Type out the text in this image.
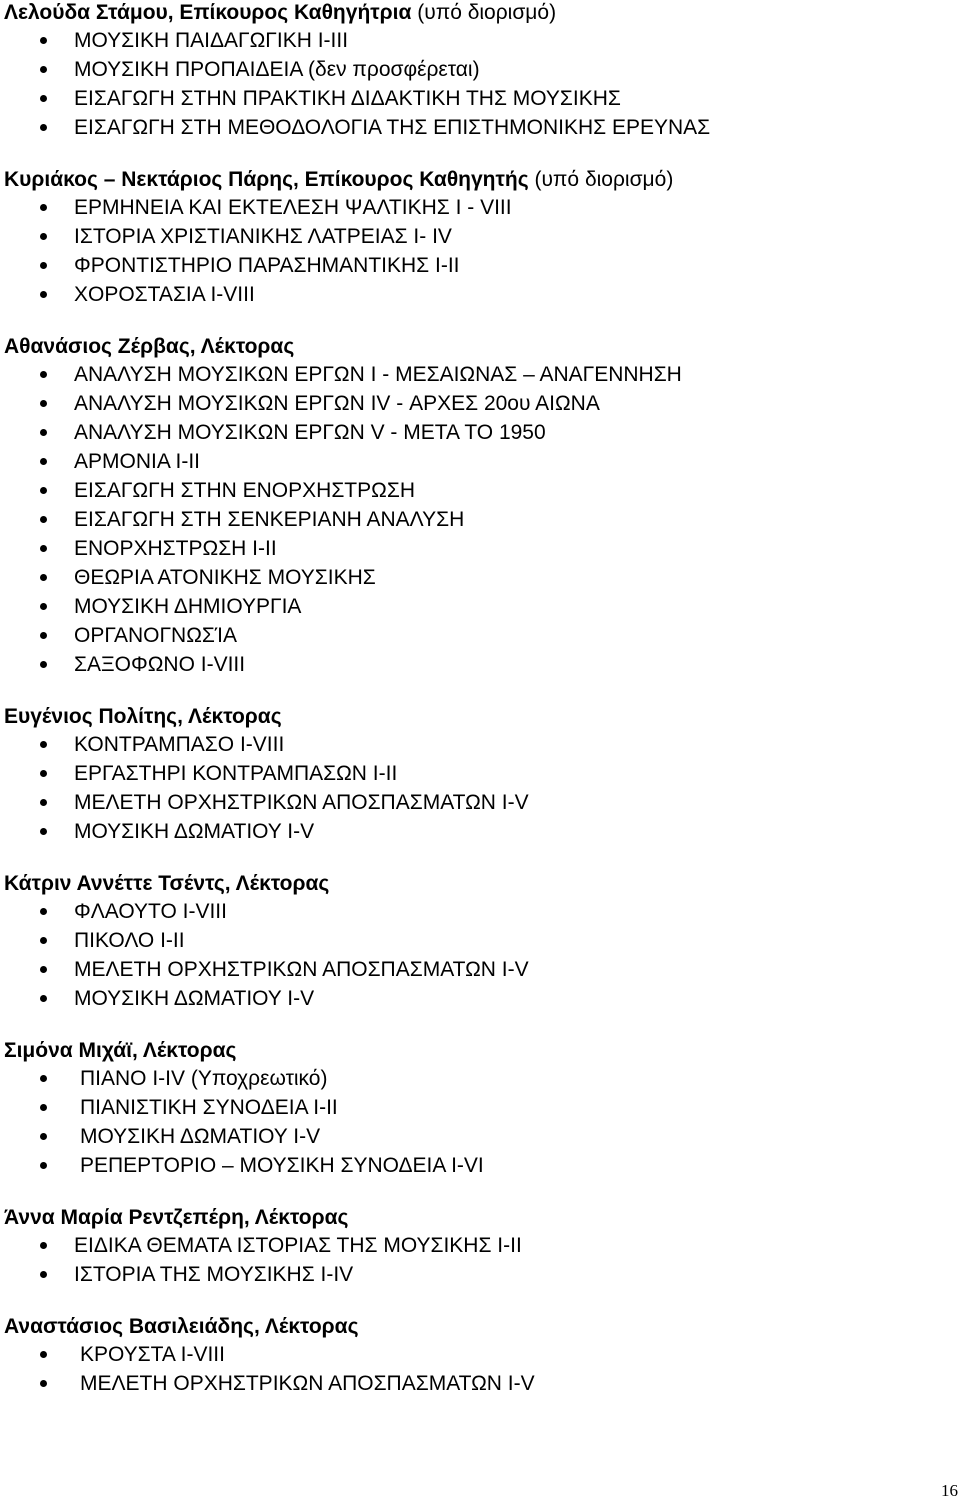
Λελούδα Στάμου, Επίκουρος Καθηγήτρια (υπό διορισμό)

ΜΟΥΣΙΚΗ ΠΑΙΔΑΓΩΓΙΚΗ I-III
ΜΟΥΣΙΚΗ ΠΡΟΠΑΙΔΕΙΑ (δεν προσφέρεται)
ΕΙΣΑΓΩΓΗ ΣΤΗΝ ΠΡΑΚΤΙΚΗ ΔΙΔΑΚΤΙΚΗ ΤΗΣ ΜΟΥΣΙΚΗΣ
ΕΙΣΑΓΩΓΗ ΣΤΗ ΜΕΘΟΔΟΛΟΓΙΑ ΤΗΣ ΕΠΙΣΤΗΜΟΝΙΚΗΣ ΕΡΕΥΝΑΣ

Κυριάκος – Νεκτάριος Πάρης, Επίκουρος Καθηγητής (υπό διορισμό)

ΕΡΜΗΝΕΙΑ ΚΑΙ ΕΚΤΕΛΕΣΗ ΨΑΛΤΙΚΗΣ Ι - VIII
ΙΣΤΟΡΙΑ ΧΡΙΣΤΙΑΝΙΚΗΣ ΛΑΤΡΕΙΑΣ Ι- ΙV
ΦΡΟΝΤΙΣΤΗΡΙΟ ΠΑΡΑΣΗΜΑΝΤΙΚΗΣ Ι-ΙΙ
ΧΟΡΟΣΤΑΣΙΑ Ι-VIII

Αθανάσιος Ζέρβας, Λέκτορας

ΑΝΑΛΥΣΗ ΜΟΥΣΙΚΩΝ ΕΡΓΩΝ I - ΜΕΣΑΙΩΝΑΣ – ΑΝΑΓΕΝΝΗΣΗ
ΑΝΑΛΥΣΗ ΜΟΥΣΙΚΩΝ ΕΡΓΩΝ IV - ΑΡΧΕΣ 20ου ΑΙΩΝΑ
ΑΝΑΛΥΣΗ ΜΟΥΣΙΚΩΝ ΕΡΓΩΝ V - ΜΕΤΑ ΤΟ 1950
ΑΡΜΟΝΙΑ I-II
ΕΙΣΑΓΩΓΗ ΣΤΗΝ ΕΝΟΡΧΗΣΤΡΩΣΗ
ΕΙΣΑΓΩΓΗ ΣΤΗ ΣΕΝΚΕΡΙΑΝΗ ΑΝΑΛΥΣΗ
ΕΝΟΡΧΗΣΤΡΩΣΗ I-II
ΘΕΩΡΙΑ ΑΤΟΝΙΚΗΣ ΜΟΥΣΙΚΗΣ
ΜΟΥΣΙΚΗ ΔΗΜΙΟΥΡΓΙΑ
ΟΡΓΑΝΟΓΝΩΣΊΑ
ΣΑΞΟΦΩΝΟ I-VIII

Ευγένιος Πολίτης, Λέκτορας

ΚΟΝΤΡΑΜΠΑΣΟ I-VIII
ΕΡΓΑΣΤΗΡΙ ΚΟΝΤΡΑΜΠΑΣΩΝ I-II
ΜΕΛΕΤΗ ΟΡΧΗΣΤΡΙΚΩΝ ΑΠΟΣΠΑΣΜΑΤΩΝ I-V
ΜΟΥΣΙΚΗ ΔΩΜΑΤΙΟΥ I-V

Κάτριν Αννέττε Τσέντς, Λέκτορας

ΦΛΑΟΥΤΟ I-VIII
ΠΙΚΟΛΟ I-II
ΜΕΛΕΤΗ ΟΡΧΗΣΤΡΙΚΩΝ ΑΠΟΣΠΑΣΜΑΤΩΝ I-V
ΜΟΥΣΙΚΗ ΔΩΜΑΤΙΟΥ I-V

Σιμόνα Μιχάϊ, Λέκτορας

ΠΙΑΝΟ I-IV (Υποχρεωτικό)
ΠΙΑΝΙΣΤΙΚΗ ΣΥΝΟΔΕΙΑ I-II
ΜΟΥΣΙΚΗ ΔΩΜΑΤΙΟΥ I-V
ΡΕΠΕΡΤΟΡΙΟ – ΜΟΥΣΙΚΗ ΣΥΝΟΔΕΙΑ I-VI

Άννα Μαρία Ρεντζεπέρη, Λέκτορας

ΕΙΔΙΚΑ ΘΕΜΑΤΑ ΙΣΤΟΡΙΑΣ ΤΗΣ ΜΟΥΣΙΚΗΣ I-II
ΙΣΤΟΡΙΑ ΤΗΣ ΜΟΥΣΙΚΗΣ I-IV

Αναστάσιος Βασιλειάδης, Λέκτορας

ΚΡΟΥΣΤΑ I-VIII
ΜΕΛΕΤΗ ΟΡΧΗΣΤΡΙΚΩΝ ΑΠΟΣΠΑΣΜΑΤΩΝ I-V
16
